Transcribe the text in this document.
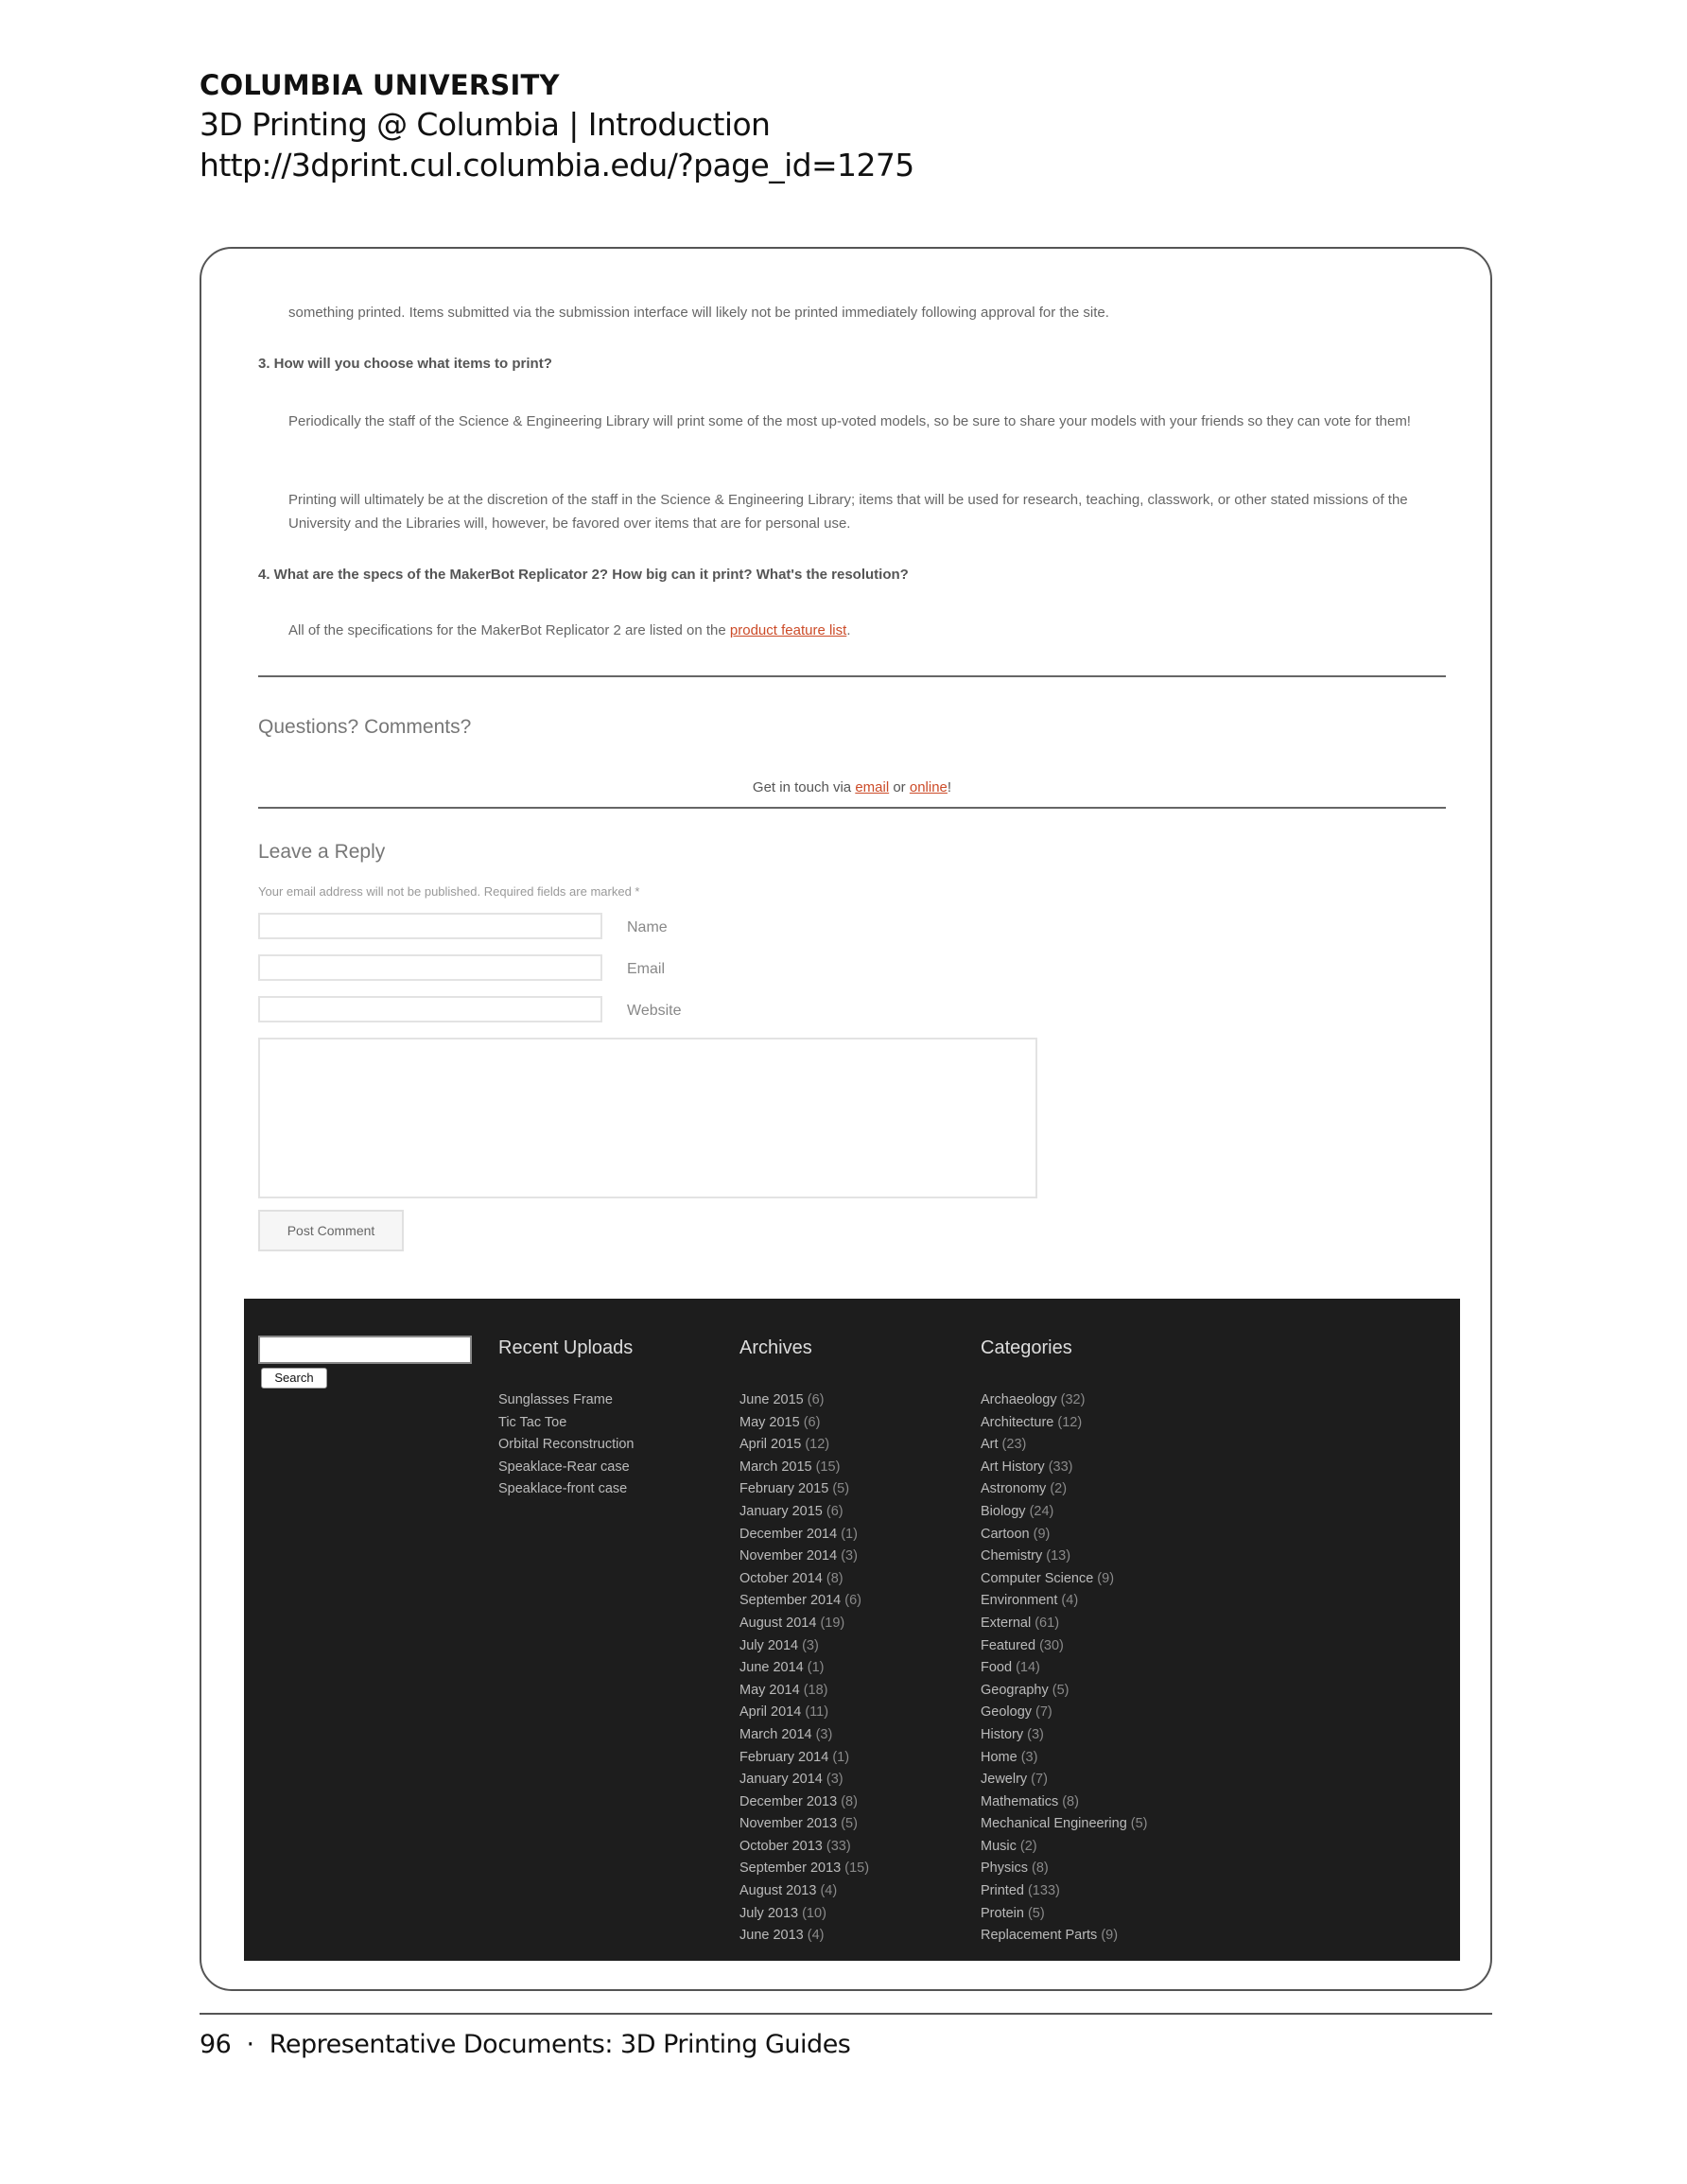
COLUMBIA UNIVERSITY
3D Printing @ Columbia | Introduction
http://3dprint.cul.columbia.edu/?page_id=1275
something printed. Items submitted via the submission interface will likely not be printed immediately following approval for the site.
3. How will you choose what items to print?
Periodically the staff of the Science & Engineering Library will print some of the most up-voted models, so be sure to share your models with your friends so they can vote for them!
Printing will ultimately be at the discretion of the staff in the Science & Engineering Library; items that will be used for research, teaching, classwork, or other stated missions of the University and the Libraries will, however, be favored over items that are for personal use.
4. What are the specs of the MakerBot Replicator 2? How big can it print? What's the resolution?
All of the specifications for the MakerBot Replicator 2 are listed on the product feature list.
Questions? Comments?
Get in touch via email or online!
Leave a Reply
Your email address will not be published. Required fields are marked *
Name
Email
Website
Post Comment
Search
Recent Uploads
Sunglasses Frame
Tic Tac Toe
Orbital Reconstruction
Speaklace-Rear case
Speaklace-front case
Archives
June 2015 (6)
May 2015 (6)
April 2015 (12)
March 2015 (15)
February 2015 (5)
January 2015 (6)
December 2014 (1)
November 2014 (3)
October 2014 (8)
September 2014 (6)
August 2014 (19)
July 2014 (3)
June 2014 (1)
May 2014 (18)
April 2014 (11)
March 2014 (3)
February 2014 (1)
January 2014 (3)
December 2013 (8)
November 2013 (5)
October 2013 (33)
September 2013 (15)
August 2013 (4)
July 2013 (10)
June 2013 (4)
Categories
Archaeology (32)
Architecture (12)
Art (23)
Art History (33)
Astronomy (2)
Biology (24)
Cartoon (9)
Chemistry (13)
Computer Science (9)
Environment (4)
External (61)
Featured (30)
Food (14)
Geography (5)
Geology (7)
History (3)
Home (3)
Jewelry (7)
Mathematics (8)
Mechanical Engineering (5)
Music (2)
Physics (8)
Printed (133)
Protein (5)
Replacement Parts (9)
96 · Representative Documents: 3D Printing Guides
